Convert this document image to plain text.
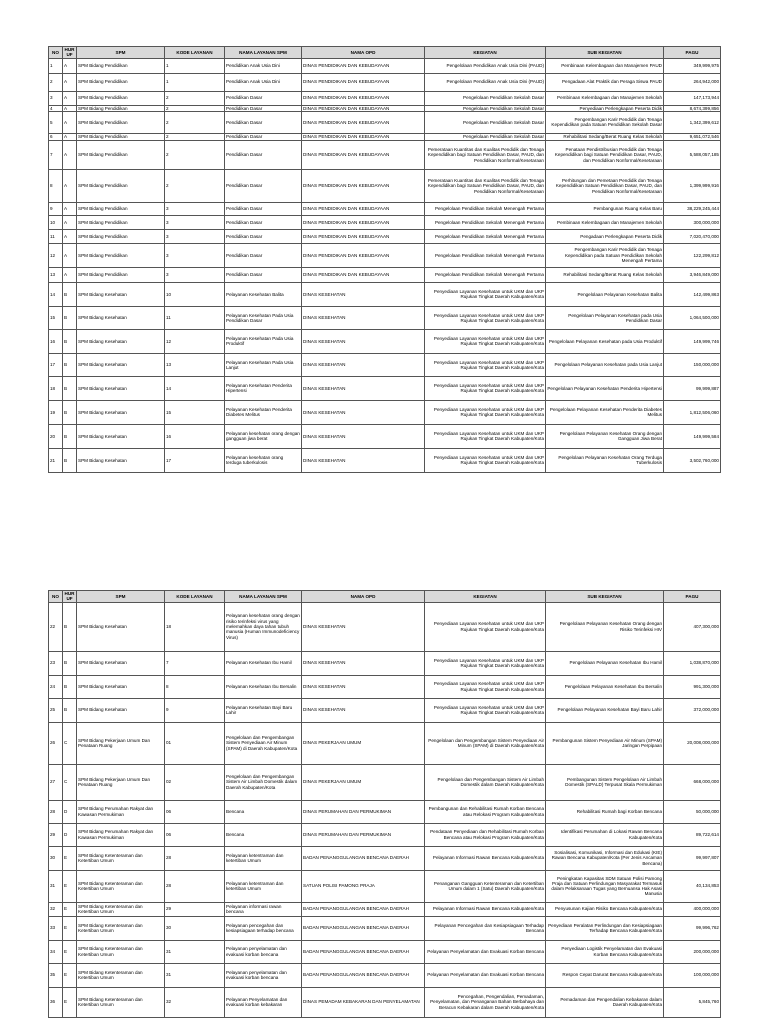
NO	HURUF	SPM	KODE LAYANAN	NAMA LAYANAN SPM	NAMA OPD	KEGIATAN	SUB KEGIATAN	PAGU
1	A	SPM Bidang Pendidikan	1	Pendidikan Anak Usia Dini	DINAS PENDIDIKAN DAN KEBUDAYAAN	Pengelolaan Pendidikan Anak Usia Dini (PAUD)	Pembinaan Kelembagaan dan Manajemen PAUD	349,999,975
2	A	SPM Bidang Pendidikan	1	Pendidikan Anak Usia Dini	DINAS PENDIDIKAN DAN KEBUDAYAAN	Pengelolaan Pendidikan Anak Usia Dini (PAUD)	Pengadaan Alat Praktik dan Peraga Siswa PAUD	264,942,000
3	A	SPM Bidang Pendidikan	2	Pendidikan Dasar	DINAS PENDIDIKAN DAN KEBUDAYAAN	Pengelolaan Pendidikan Sekolah Dasar	Pembinaan Kelembagaan dan Manajemen Sekolah	147,173,944
4	A	SPM Bidang Pendidikan	2	Pendidikan Dasar	DINAS PENDIDIKAN DAN KEBUDAYAAN	Pengelolaan Pendidikan Sekolah Dasar	Penyediaan Perlengkapan Peserta Didik	8,674,399,856
5	A	SPM Bidang Pendidikan	2	Pendidikan Dasar	DINAS PENDIDIKAN DAN KEBUDAYAAN	Pengelolaan Pendidikan Sekolah Dasar	Pengembangan Karir Pendidik dan Tenaga Kependidikan pada Satuan Pendidikan Sekolah Dasar	1,342,399,612
6	A	SPM Bidang Pendidikan	2	Pendidikan Dasar	DINAS PENDIDIKAN DAN KEBUDAYAAN	Pengelolaan Pendidikan Sekolah Dasar	Rehabilitasi Sedang/Berat Ruang Kelas Sekolah	9,651,072,546
7	A	SPM Bidang Pendidikan	2	Pendidikan Dasar	DINAS PENDIDIKAN DAN KEBUDAYAAN	Pemerataan Kuantitas dan Kualitas Pendidik dan Tenaga Kependidikan bagi Satuan Pendidikan Dasar, PAUD, dan Pendidikan Nonformal/Kesetaraan	Penataan Pendistribusian Pendidik dan Tenaga Kependidikan bagi Satuan Pendidikan Dasar, PAUD, dan Pendidikan Nonformal/Kesetaraan	5,588,057,185
8	A	SPM Bidang Pendidikan	2	Pendidikan Dasar	DINAS PENDIDIKAN DAN KEBUDAYAAN	Pemerataan Kuantitas dan Kualitas Pendidik dan Tenaga Kependidikan bagi Satuan Pendidikan Dasar, PAUD, dan Pendidikan Nonformal/Kesetaraan	Perhitungan dan Pemetaan Pendidik dan Tenaga Kependidikan Satuan Pendidikan Dasar, PAUD, dan Pendidikan Nonformal/Kesetaraan	1,399,999,916
9	A	SPM Bidang Pendidikan	3	Pendidikan Dasar	DINAS PENDIDIKAN DAN KEBUDAYAAN	Pengelolaan Pendidikan Sekolah Menengah Pertama	Pembangunan Ruang Kelas Baru	38,229,245,444
10	A	SPM Bidang Pendidikan	3	Pendidikan Dasar	DINAS PENDIDIKAN DAN KEBUDAYAAN	Pengelolaan Pendidikan Sekolah Menengah Pertama	Pembinaan Kelembagaan dan Manajemen Sekolah	300,000,000
11	A	SPM Bidang Pendidikan	3	Pendidikan Dasar	DINAS PENDIDIKAN DAN KEBUDAYAAN	Pengelolaan Pendidikan Sekolah Menengah Pertama	Pengadaan Perlengkapan Peserta Didik	7,020,470,000
12	A	SPM Bidang Pendidikan	3	Pendidikan Dasar	DINAS PENDIDIKAN DAN KEBUDAYAAN	Pengelolaan Pendidikan Sekolah Menengah Pertama	Pengembangan Karir Pendidik dan Tenaga Kependidikan pada Satuan Pendidikan Sekolah Menengah Pertama	122,299,812
13	A	SPM Bidang Pendidikan	3	Pendidikan Dasar	DINAS PENDIDIKAN DAN KEBUDAYAAN	Pengelolaan Pendidikan Sekolah Menengah Pertama	Rehabilitasi Sedang/Berat Ruang Kelas Sekolah	3,946,849,000
14	B	SPM Bidang Kesehatan	10	Pelayanan Kesehatan Balita	DINAS KESEHATAN	Penyediaan Layanan Kesehatan untuk UKM dan UKP Rujukan Tingkat Daerah Kabupaten/Kota	Pengelolaan Pelayanan Kesehatan Balita	142,499,863
15	B	SPM Bidang Kesehatan	11	Pelayanan Kesehatan Pada Usia Pendidikan Dasar	DINAS KESEHATAN	Penyediaan Layanan Kesehatan untuk UKM dan UKP Rujukan Tingkat Daerah Kabupaten/Kota	Pengelolaan Pelayanan Kesehatan pada Usia Pendidikan Dasar	1,064,500,000
16	B	SPM Bidang Kesehatan	12	Pelayanan Kesehatan Pada Usia Produktif	DINAS KESEHATAN	Penyediaan Layanan Kesehatan untuk UKM dan UKP Rujukan Tingkat Daerah Kabupaten/Kota	Pengelolaan Pelayanan Kesehatan pada Usia Produktif	149,999,746
17	B	SPM Bidang Kesehatan	13	Pelayanan Kesehatan Pada Usia Lanjut	DINAS KESEHATAN	Penyediaan Layanan Kesehatan untuk UKM dan UKP Rujukan Tingkat Daerah Kabupaten/Kota	Pengelolaan Pelayanan Kesehatan pada Usia Lanjut	150,000,000
18	B	SPM Bidang Kesehatan	14	Pelayanan Kesehatan Penderita Hipertensi	DINAS KESEHATAN	Penyediaan Layanan Kesehatan untuk UKM dan UKP Rujukan Tingkat Daerah Kabupaten/Kota	Pengelolaan Pelayanan Kesehatan Penderita Hipertensi	99,999,887
19	B	SPM Bidang Kesehatan	15	Pelayanan Kesehatan Penderita Diabetes Melitus	DINAS KESEHATAN	Penyediaan Layanan Kesehatan untuk UKM dan UKP Rujukan Tingkat Daerah Kabupaten/Kota	Pengelolaan Pelayanan Kesehatan Penderita Diabetes Melitus	1,812,506,060
20	B	SPM Bidang Kesehatan	16	Pelayanan kesehatan orang dengan gangguan jiwa berat	DINAS KESEHATAN	Penyediaan Layanan Kesehatan untuk UKM dan UKP Rujukan Tingkat Daerah Kabupaten/Kota	Pengelolaan Pelayanan Kesehatan Orang dengan Gangguan Jiwa Berat	149,999,584
21	B	SPM Bidang Kesehatan	17	Pelayanan kesehatan orang terduga tuberkulosis	DINAS KESEHATAN	Penyediaan Layanan Kesehatan untuk UKM dan UKP Rujukan Tingkat Daerah Kabupaten/Kota	Pengelolaan Pelayanan Kesehatan Orang Terduga Tuberkulosis	3,502,760,000
NO	HURUF	SPM	KODE LAYANAN	NAMA LAYANAN SPM	NAMA OPD	KEGIATAN	SUB KEGIATAN	PAGU
22	B	SPM Bidang Kesehatan	18	Pelayanan kesehatan orang dengan risiko terinfeksi virus yang melemahkan daya tahan tubuh manusia (Human Immunodeficiency Virus)	DINAS KESEHATAN	Penyediaan Layanan Kesehatan untuk UKM dan UKP Rujukan Tingkat Daerah Kabupaten/Kota	Pengelolaan Pelayanan Kesehatan Orang dengan Risiko Terinfeksi HIV	407,300,000
23	B	SPM Bidang Kesehatan	7	Pelayanan Kesehatan Ibu Hamil	DINAS KESEHATAN	Penyediaan Layanan Kesehatan untuk UKM dan UKP Rujukan Tingkat Daerah Kabupaten/Kota	Pengelolaan Pelayanan Kesehatan Ibu Hamil	1,038,870,000
24	B	SPM Bidang Kesehatan	8	Pelayanan Kesehatan Ibu Bersalin	DINAS KESEHATAN	Penyediaan Layanan Kesehatan untuk UKM dan UKP Rujukan Tingkat Daerah Kabupaten/Kota	Pengelolaan Pelayanan Kesehatan Ibu Bersalin	991,300,000
25	B	SPM Bidang Kesehatan	9	Pelayanan Kesehatan Bayi Baru Lahir	DINAS KESEHATAN	Penyediaan Layanan Kesehatan untuk UKM dan UKP Rujukan Tingkat Daerah Kabupaten/Kota	Pengelolaan Pelayanan Kesehatan Bayi Baru Lahir	372,000,000
26	C	SPM Bidang Pekerjaan Umum Dan Penataan Ruang	01	Pengelolaan dan Pengembangan Sistem Penyediaan Air Minum (SPAM) di Daerah Kabupaten/Kota	DINAS PEKERJAAN UMUM	Pengelolaan dan Pengembangan Sistem Penyediaan Air Minum (SPAM) di Daerah Kabupaten/Kota	Pembangunan Sistem Penyediaan Air Minum (SPAM) Jaringan Perpipaan	20,008,000,000
27	C	SPM Bidang Pekerjaan Umum Dan Penataan Ruang	02	Pengelolaan dan Pengembangan Sistem Air Limbah Domestik dalam Daerah Kabupaten/Kota	DINAS PEKERJAAN UMUM	Pengelolaan dan Pengembangan Sistem Air Limbah Domestik dalam Daerah Kabupaten/Kota	Pembangunan Sistem Pengelolaan Air Limbah Domestik (SPALD) Terpusat Skala Permukiman	668,000,000
28	D	SPM Bidang Perumahan Rakyat dan Kawasan Permukiman	06	Bencana	DINAS PERUMAHAN DAN PERMUKIMAN	Pembangunan dan Rehabilitasi Rumah Korban Bencana atau Relokasi Program Kabupaten/Kota	Rehabilitasi Rumah bagi Korban Bencana	50,000,000
29	D	SPM Bidang Perumahan Rakyat dan Kawasan Permukiman	06	Bencana	DINAS PERUMAHAN DAN PERMUKIMAN	Pendataan Penyediaan dan Rehabilitasi Rumah Korban Bencana atau Relokasi Program Kabupaten/Kota	Identifikasi Perumahan di Lokasi Rawan Bencana Kabupaten/Kota	89,722,614
30	E	SPM Bidang Ketenteraman dan Ketertiban Umum	28	Pelayanan ketentraman dan ketertiban Umum	BADAN PENANGGULANGAN BENCANA DAERAH	Pelayanan Informasi Rawan Bencana Kabupaten/Kota	Sosialisasi, Komunikasi, Informasi dan Edukasi (KIE) Rawan Bencana Kabupaten/Kota (Per Jenis Ancaman Bencana)	99,997,807
31	E	SPM Bidang Ketenteraman dan Ketertiban Umum	28	Pelayanan ketentraman dan ketertiban Umum	SATUAN POLISI PAMONG PRAJA	Penanganan Gangguan Ketenteraman dan Ketertiban Umum dalam 1 (Satu) Daerah Kabupaten/Kota	Peningkatan Kapasitas SDM Satuan Polisi Pamong Praja dan Satuan Perlindungan Masyarakat Termasuk dalam Pelaksanaan Tugas yang Bernuansa Hak Asasi Manusia	40,134,853
32	E	SPM Bidang Ketenteraman dan Ketertiban Umum	29	Pelayanan informasi rawan bencana	BADAN PENANGGULANGAN BENCANA DAERAH	Pelayanan Informasi Rawan Bencana Kabupaten/Kota	Penyusunan Kajian Risiko Bencana Kabupaten/Kota	400,000,000
33	E	SPM Bidang Ketenteraman dan Ketertiban Umum	30	Pelayanan pencegahan dan kesiapsiagaan terhadap bencana	BADAN PENANGGULANGAN BENCANA DAERAH	Pelayanan Pencegahan dan Kesiapsiagaan Terhadap Bencana	Penyediaan Peralatan Perlindungan dan Kesiapsiagaan Terhadap Bencana Kabupaten/Kota	99,996,762
34	E	SPM Bidang Ketenteraman dan Ketertiban Umum	31	Pelayanan penyelamatan dan evakuasi korban bencana	BADAN PENANGGULANGAN BENCANA DAERAH	Pelayanan Penyelamatan dan Evakuasi Korban Bencana	Penyediaan Logistik Penyelamatan dan Evakuasi Korban Bencana Kabupaten/Kota	200,000,000
35	E	SPM Bidang Ketenteraman dan Ketertiban Umum	31	Pelayanan penyelamatan dan evakuasi korban bencana	BADAN PENANGGULANGAN BENCANA DAERAH	Pelayanan Penyelamatan dan Evakuasi Korban Bencana	Respon Cepat Darurat Bencana Kabupaten/Kota	100,000,000
36	E	SPM Bidang Ketenteraman dan Ketertiban Umum	32	Pelayanan Penyelamatan dan evakuasi korban kebakaran	DINAS PEMADAM KEBAKARAN DAN PENYELAMATAN	Pencegahan, Pengendalian, Pemadaman, Penyelamatan, dan Penanganan Bahan Berbahaya dan Beracun Kebakaran dalam Daerah Kabupaten/Kota	Pemadaman dan Pengendalian Kebakaran dalam Daerah Kabupaten/Kota	5,845,760
